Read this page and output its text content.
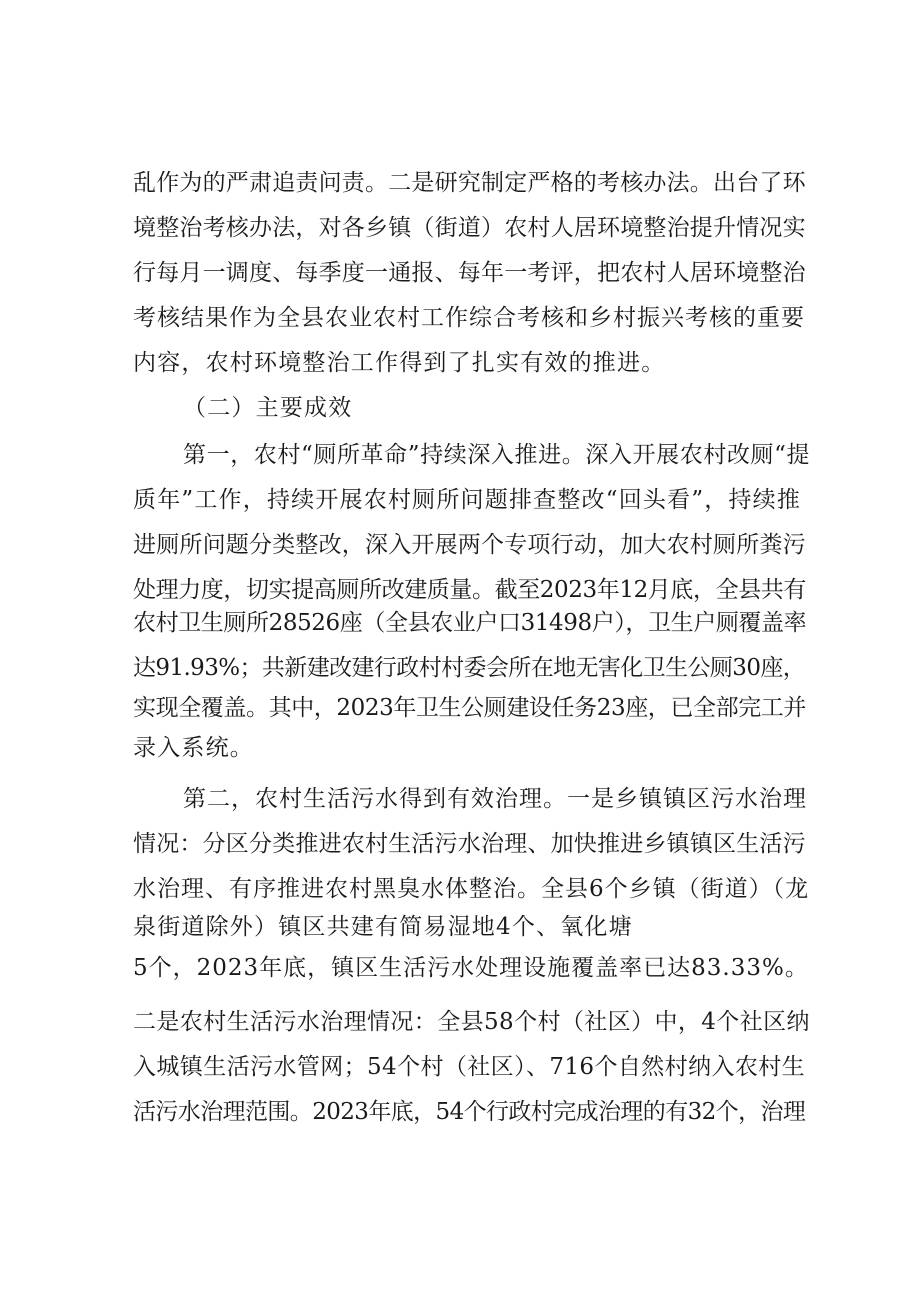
乱作为的严肃追责问责。二是研究制定严格的考核办法。出台了环
境整治考核办法，对各乡镇（街道）农村人居环境整治提升情况实
行每月一调度、每季度一通报、每年一考评，把农村人居环境整治
考核结果作为全县农业农村工作综合考核和乡村振兴考核的重要
内容，农村环境整治工作得到了扎实有效的推进。
（二）主要成效
第一，农村“厕所革命”持续深入推进。深入开展农村改厕“提
质年”工作，持续开展农村厕所问题排查整改“回头看”，持续推
进厕所问题分类整改，深入开展两个专项行动，加大农村厕所粪污
处理力度，切实提高厕所改建质量。截至2023年12月底，全县共有
农村卫生厕所28526座（全县农业户口31498户），卫生户厕覆盖率
达91.93%；共新建改建行政村村委会所在地无害化卫生公厕30座，
实现全覆盖。其中，2023年卫生公厕建设任务23座，已全部完工并
录入系统。
第二，农村生活污水得到有效治理。一是乡镇镇区污水治理
情况：分区分类推进农村生活污水治理、加快推进乡镇镇区生活污
水治理、有序推进农村黑臭水体整治。全县6个乡镇（街道）（龙
泉街道除外）镇区共建有简易湿地4个、氧化塘
5个，2023年底，镇区生活污水处理设施覆盖率已达83.33%。
二是农村生活污水治理情况：全县58个村（社区）中，4个社区纳
入城镇生活污水管网；54个村（社区）、716个自然村纳入农村生
活污水治理范围。2023年底，54个行政村完成治理的有32个，治理
